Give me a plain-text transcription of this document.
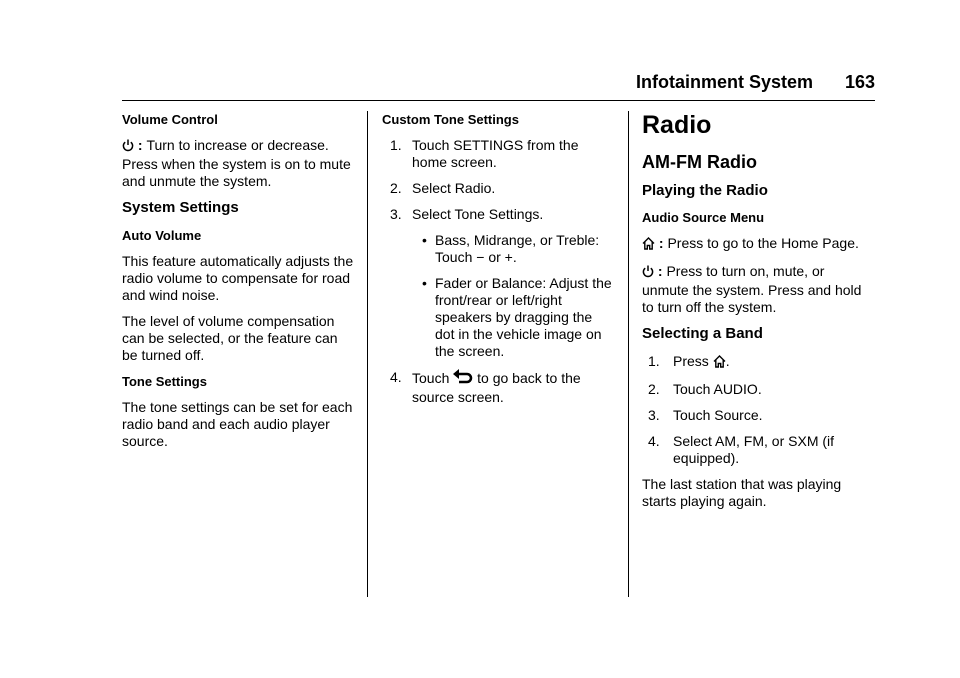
Infotainment System 163
Volume Control

: Turn to increase or decrease. Press when the system is on to mute and unmute the system.

System Settings
Auto Volume

This feature automatically adjusts the radio volume to compensate for road and wind noise.

The level of volume compensation can be selected, or the feature can be turned off.

Tone Settings

The tone settings can be set for each radio band and each audio player source.

Custom Tone Settings
1. Touch SETTINGS from the home screen.
2. Select Radio.
3. Select Tone Settings.
• Bass, Midrange, or Treble: Touch − or +.
• Fader or Balance: Adjust the front/rear or left/right speakers by dragging the dot in the vehicle image on the screen.
4. Touch  to go back to the source screen.
Radio
AM-FM Radio
Playing the Radio
Audio Source Menu

: Press to go to the Home Page.

: Press to turn on, mute, or unmute the system. Press and hold to turn off the system.

Selecting a Band
1. Press .
2. Touch AUDIO.
3. Touch Source.
4. Select AM, FM, or SXM (if equipped).

The last station that was playing starts playing again.
